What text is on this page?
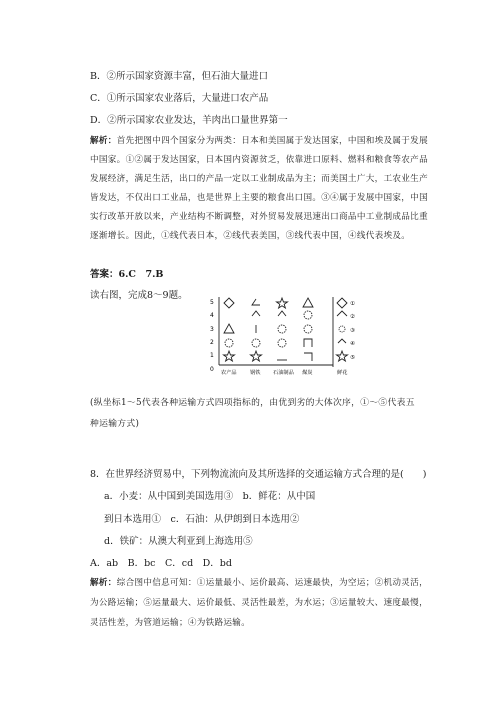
B．②所示国家资源丰富，但石油大量进口
C．①所示国家农业落后，大量进口农产品
D．②所示国家农业发达，羊肉出口量世界第一
解析：首先把图中四个国家分为两类：日本和美国属于发达国家，中国和埃及属于发展中国家。①②属于发达国家，日本国内资源贫乏，依靠进口原料、燃料和粮食等农产品发展经济，满足生活，出口的产品一定以工业制成品为主；而美国土广大，工农业生产皆发达，不仅出口工业品，也是世界上主要的粮食出口国。③④属于发展中国家，中国实行改革开放以来，产业结构不断调整，对外贸易发展迅速出口商品中工业制成品比重逐渐增长。因此，①线代表日本，②线代表美国，③线代表中国，④线代表埃及。
答案：6.C　7.B
读右图，完成8～9题。
5
4
3
2
1
0
①
②
③
④
⑤
农产品	钢铁 石油制品 煤炭	鲜花
(纵坐标1～5代表各种运输方式四项指标的，由优到劣的大体次序，①～⑤代表五种运输方式)
8．在世界经济贸易中，下列物流流向及其所选择的交通运输方式合理的是(　　)
a．小麦：从中国到美国选用③　b．鲜花：从中国
到日本选用①　c．石油：从伊朗到日本选用②
d．铁矿：从澳大利亚到上海选用⑤
A．ab　B．bc　C．cd　D．bd
解析：综合图中信息可知：①运量最小、运价最高、运速最快，为空运；②机动灵活，为公路运输；⑤运量最大、运价最低、灵活性最差，为水运；③运量较大、速度最慢，灵活性差，为管道运输；④为铁路运输。
